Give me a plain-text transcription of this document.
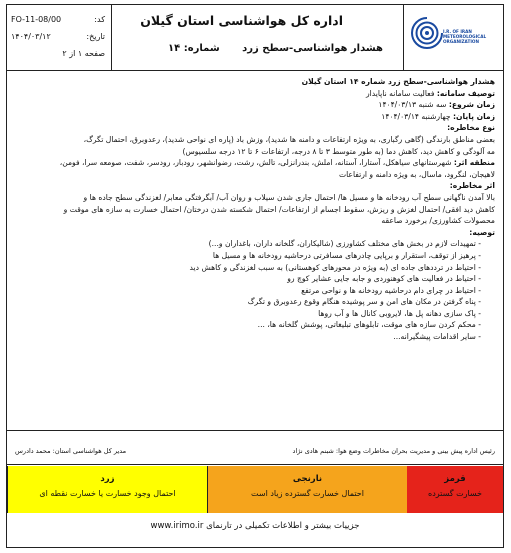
I.R. OF IRAN METEOROLOGICAL ORGANIZATION
اداره کل هواشناسی استان گیلان
هشدار هواشناسی-سطح زرد
شماره: ۱۴
کد:
FO-11-08/00
تاریخ:
۱۴۰۴/۰۳/۱۲
صفحه ۱ از ۲
هشدار هواشناسی-سطح زرد شماره ۱۴ استان گیلان
توصیف سامانه: فعالیت سامانه ناپایدار
زمان شروع: سه شنبه ۱۴۰۴/۰۳/۱۳
زمان پایان: چهارشنبه ۱۴۰۴/۰۳/۱۴
نوع مخاطره:
بعضی مناطق بارندگی (گاهی رگباری، به ویژه ارتفاعات و دامنه ها شدید)، وزش باد (پاره ای نواحی شدید)، رعدوبرق، احتمال تگرگ،
مه آلودگی و کاهش دید، کاهش دما (به طور متوسط ۳ تا ۸ درجه، ارتفاعات ۶ تا ۱۲ درجه سلسیوس)
منطقه اثر: شهرستانهای سیاهکل، آستارا، آستانه، املش، بندرانزلی، تالش، رشت، رضوانشهر، رودبار، رودسر، شفت، صومعه سرا، فومن،
لاهیجان، لنگرود، ماسال، به ویژه دامنه و ارتفاعات
اثر مخاطره:
بالا آمدن ناگهانی سطح آب رودخانه ها و مسیل ها/ احتمال جاری شدن سیلاب و روان آب/ آبگرفتگی معابر/ لغزندگی سطح جاده ها و
کاهش دید افقی/ احتمال لغزش و ریزش، سقوط اجسام از ارتفاعات/ احتمال شکسته شدن درختان/ احتمال خسارت به سازه های موقت و
محصولات کشاورزی/ برخورد صاعقه
توصیه:
- تمهیدات لازم در بخش های مختلف کشاورزی (شالیکاران، گلخانه داران، باغداران و...)
- پرهیز از توقف، استقرار و برپایی چادرهای مسافرتی درحاشیه رودخانه ها و مسیل ها
- احتیاط در ترددهای جاده ای (به ویژه در محورهای کوهستانی) به سبب لغزندگی و کاهش دید
- احتیاط در فعالیت های کوهنوردی و جابه جایی عشایر کوچ رو
- احتیاط در چرای دام درحاشیه رودخانه ها و نواحی مرتفع
- پناه گرفتن در مکان های امن و سر پوشیده هنگام وقوع رعدوبرق و تگرگ
- پاک سازی دهانه پل ها، لایروبی کانال ها و آب روها
- محکم کردن سازه های موقت، تابلوهای تبلیغاتی، پوشش گلخانه ها، ...
- سایر اقدامات پیشگیرانه...
رئیس اداره پیش بینی و مدیریت بحران مخاطرات وضع هوا: شبنم هادی نژاد
مدیر کل هواشناسی استان: محمد دادرس
زرد
احتمال وجود خسارت یا خسارت نقطه ای
نارنجی
احتمال خسارت گسترده زیاد است
قرمز
خسارت گسترده
جزییات بیشتر و اطلاعات تکمیلی در تارنمای www.irimo.ir
